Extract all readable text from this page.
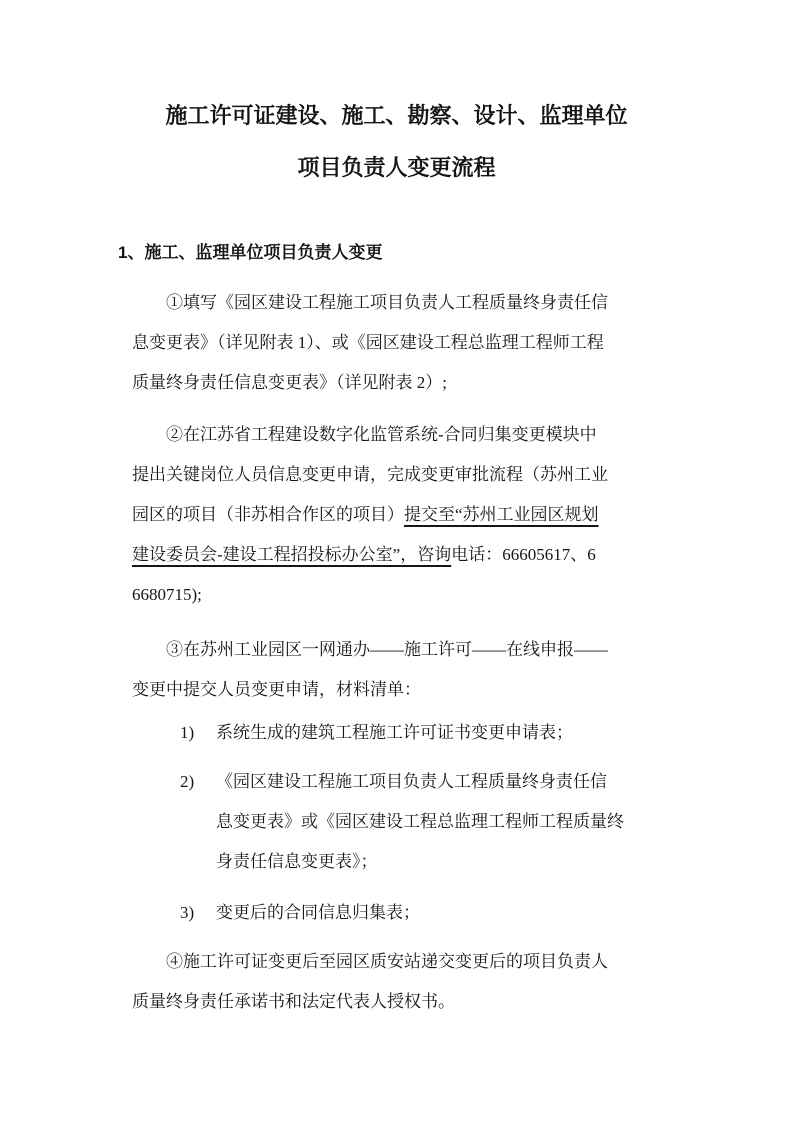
施工许可证建设、施工、勘察、设计、监理单位
项目负责人变更流程
1、施工、监理单位项目负责人变更
①填写《园区建设工程施工项目负责人工程质量终身责任信
息变更表》（详见附表 1）、或《园区建设工程总监理工程师工程
质量终身责任信息变更表》（详见附表 2）;
②在江苏省工程建设数字化监管系统-合同归集变更模块中
提出关键岗位人员信息变更申请，完成变更审批流程（苏州工业
园区的项目（非苏相合作区的项目）提交至“苏州工业园区规划
建设委员会-建设工程招投标办公室”，咨询电话：66605617、6
6680715);
③在苏州工业园区一网通办——施工许可——在线申报——
变更中提交人员变更申请，材料清单：
1) 系统生成的建筑工程施工许可证书变更申请表；
2) 《园区建设工程施工项目负责人工程质量终身责任信
息变更表》或《园区建设工程总监理工程师工程质量终
身责任信息变更表》；
3) 变更后的合同信息归集表；
④施工许可证变更后至园区质安站递交变更后的项目负责人
质量终身责任承诺书和法定代表人授权书。
